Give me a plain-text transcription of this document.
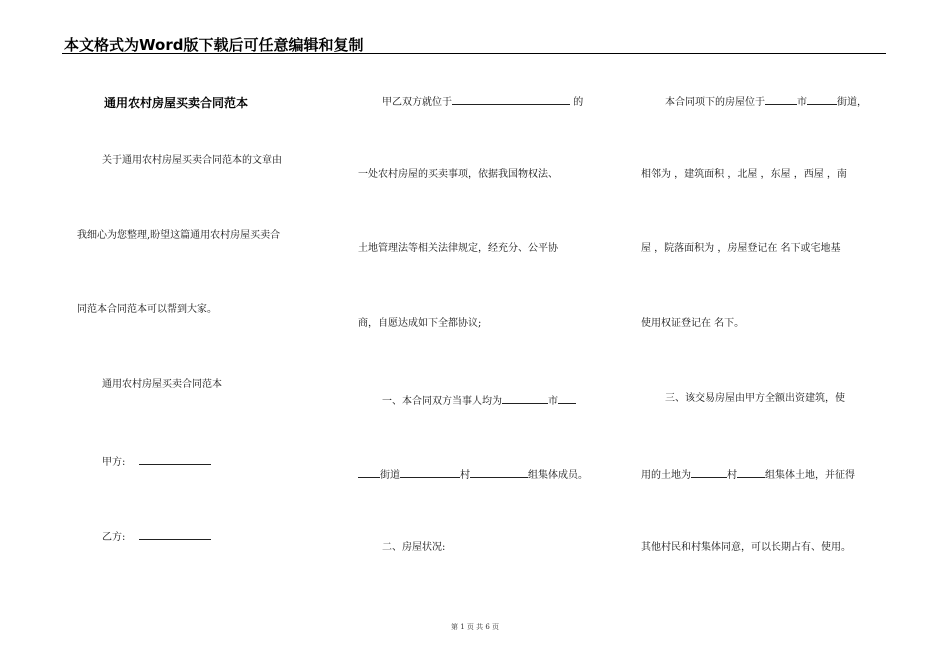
本文格式为Word版下载后可任意编辑和复制
通用农村房屋买卖合同范本
关于通用农村房屋买卖合同范本的文章由
我细心为您整理,盼望这篇通用农村房屋买卖合
同范本合同范本可以帮到大家。
通用农村房屋买卖合同范本
甲方:
乙方:
甲乙双方就位于	的
一处农村房屋的买卖事项，依据我国物权法、
土地管理法等相关法律规定，经充分、公平协
商，自愿达成如下全都协议;
一、本合同双方当事人均为	市
街道	村	组集体成员。
二、房屋状况:
本合同项下的房屋位于	市	街道，
相邻为 ，建筑面积 ，北屋 ，东屋 ，西屋 ，南
屋 ，院落面积为 ，房屋登记在 名下或宅地基
使用权证登记在 名下。
三、该交易房屋由甲方全额出资建筑，使
用的土地为	村	组集体土地，并征得
其他村民和村集体同意，可以长期占有、使用。
第 1 页 共 6 页
